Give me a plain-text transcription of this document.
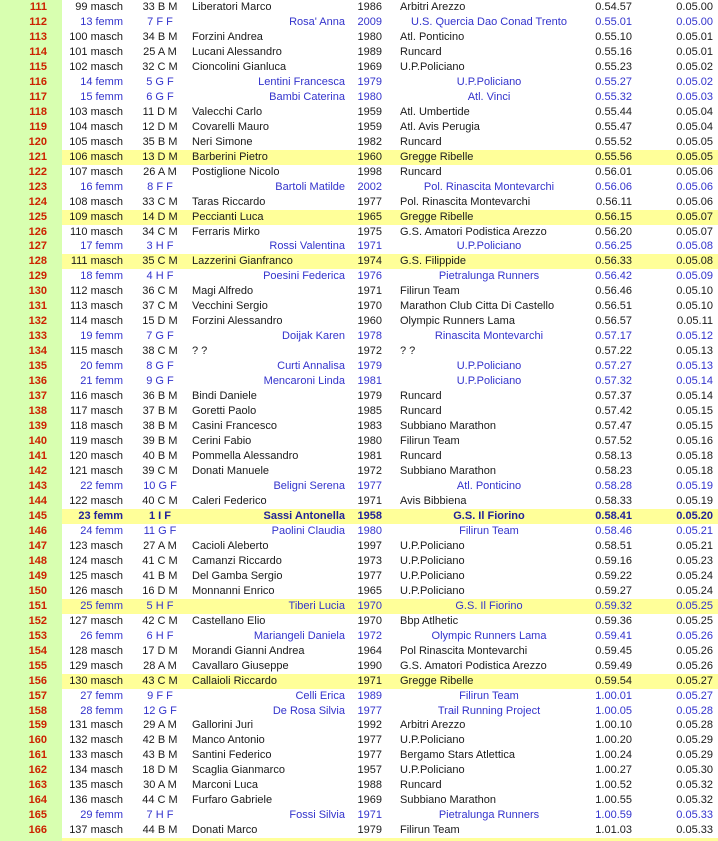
111	99 masch	33 B M	Liberatori Marco	1986	Arbitri Arezzo	0.54.57	0.05.00
112	13 femm	7 F F	Rosa' Anna	2009	U.S. Quercia Dao Conad Trento	0.55.01	0.05.00
113	100 masch	34 B M	Forzini Andrea	1980	Atl. Ponticino	0.55.10	0.05.01
114	101 masch	25 A M	Lucani Alessandro	1989	Runcard	0.55.16	0.05.01
115	102 masch	32 C M	Cioncolini Gianluca	1969	U.P.Policiano	0.55.23	0.05.02
116	14 femm	5 G F	Lentini Francesca	1979	U.P.Policiano	0.55.27	0.05.02
117	15 femm	6 G F	Bambi Caterina	1980	Atl. Vinci	0.55.32	0.05.03
118	103 masch	11 D M	Valecchi Carlo	1959	Atl. Umbertide	0.55.44	0.05.04
119	104 masch	12 D M	Covarelli Mauro	1959	Atl. Avis Perugia	0.55.47	0.05.04
120	105 masch	35 B M	Neri Simone	1982	Runcard	0.55.52	0.05.05
121	106 masch	13 D M	Barberini Pietro	1960	Gregge Ribelle	0.55.56	0.05.05
122	107 masch	26 A M	Postiglione Nicolo	1998	Runcard	0.56.01	0.05.06
123	16 femm	8 F F	Bartoli Matilde	2002	Pol. Rinascita Montevarchi	0.56.06	0.05.06
124	108 masch	33 C M	Taras Riccardo	1977	Pol. Rinascita Montevarchi	0.56.11	0.05.06
125	109 masch	14 D M	Peccianti Luca	1965	Gregge Ribelle	0.56.15	0.05.07
126	110 masch	34 C M	Ferraris Mirko	1975	G.S. Amatori Podistica Arezzo	0.56.20	0.05.07
127	17 femm	3 H F	Rossi Valentina	1971	U.P.Policiano	0.56.25	0.05.08
128	111 masch	35 C M	Lazzerini Gianfranco	1974	G.S. Filippide	0.56.33	0.05.08
129	18 femm	4 H F	Poesini Federica	1976	Pietralunga Runners	0.56.42	0.05.09
130	112 masch	36 C M	Magi Alfredo	1971	Filirun Team	0.56.46	0.05.10
131	113 masch	37 C M	Vecchini Sergio	1970	Marathon Club Citta Di Castello	0.56.51	0.05.10
132	114 masch	15 D M	Forzini Alessandro	1960	Olympic Runners Lama	0.56.57	0.05.11
133	19 femm	7 G F	Doijak Karen	1978	Rinascita Montevarchi	0.57.17	0.05.12
134	115 masch	38 C M	? ?	1972	? ?	0.57.22	0.05.13
135	20 femm	8 G F	Curti Annalisa	1979	U.P.Policiano	0.57.27	0.05.13
136	21 femm	9 G F	Mencaroni Linda	1981	U.P.Policiano	0.57.32	0.05.14
137	116 masch	36 B M	Bindi Daniele	1979	Runcard	0.57.37	0.05.14
138	117 masch	37 B M	Goretti Paolo	1985	Runcard	0.57.42	0.05.15
139	118 masch	38 B M	Casini Francesco	1983	Subbiano Marathon	0.57.47	0.05.15
140	119 masch	39 B M	Cerini Fabio	1980	Filirun Team	0.57.52	0.05.16
141	120 masch	40 B M	Pommella Alessandro	1981	Runcard	0.58.13	0.05.18
142	121 masch	39 C M	Donati Manuele	1972	Subbiano Marathon	0.58.23	0.05.18
143	22 femm	10 G F	Beligni Serena	1977	Atl. Ponticino	0.58.28	0.05.19
144	122 masch	40 C M	Caleri Federico	1971	Avis Bibbiena	0.58.33	0.05.19
145	23 femm	1 I F	Sassi Antonella	1958	G.S. Il Fiorino	0.58.41	0.05.20
146	24 femm	11 G F	Paolini Claudia	1980	Filirun Team	0.58.46	0.05.21
147	123 masch	27 A M	Cacioli Aleberto	1997	U.P.Policiano	0.58.51	0.05.21
148	124 masch	41 C M	Camanzi Riccardo	1973	U.P.Policiano	0.59.16	0.05.23
149	125 masch	41 B M	Del Gamba Sergio	1977	U.P.Policiano	0.59.22	0.05.24
150	126 masch	16 D M	Monnanni Enrico	1965	U.P.Policiano	0.59.27	0.05.24
151	25 femm	5 H F	Tiberi Lucia	1970	G.S. Il Fiorino	0.59.32	0.05.25
152	127 masch	42 C M	Castellano Elio	1970	Bbp Atlhetic	0.59.36	0.05.25
153	26 femm	6 H F	Mariangeli Daniela	1972	Olympic Runners Lama	0.59.41	0.05.26
154	128 masch	17 D M	Morandi Gianni Andrea	1964	Pol Rinascita Montevarchi	0.59.45	0.05.26
155	129 masch	28 A M	Cavallaro Giuseppe	1990	G.S. Amatori Podistica Arezzo	0.59.49	0.05.26
156	130 masch	43 C M	Callaioli Riccardo	1971	Gregge Ribelle	0.59.54	0.05.27
157	27 femm	9 F F	Celli Erica	1989	Filirun Team	1.00.01	0.05.27
158	28 femm	12 G F	De Rosa Silvia	1977	Trail Running Project	1.00.05	0.05.28
159	131 masch	29 A M	Gallorini Juri	1992	Arbitri Arezzo	1.00.10	0.05.28
160	132 masch	42 B M	Manco Antonio	1977	U.P.Policiano	1.00.20	0.05.29
161	133 masch	43 B M	Santini Federico	1977	Bergamo Stars Atlettica	1.00.24	0.05.29
162	134 masch	18 D M	Scaglia Gianmarco	1957	U.P.Policiano	1.00.27	0.05.30
163	135 masch	30 A M	Marconi Luca	1988	Runcard	1.00.52	0.05.32
164	136 masch	44 C M	Furfaro Gabriele	1969	Subbiano Marathon	1.00.55	0.05.32
165	29 femm	7 H F	Fossi Silvia	1971	Pietralunga Runners	1.00.59	0.05.33
166	137 masch	44 B M	Donati Marco	1979	Filirun Team	1.01.03	0.05.33
